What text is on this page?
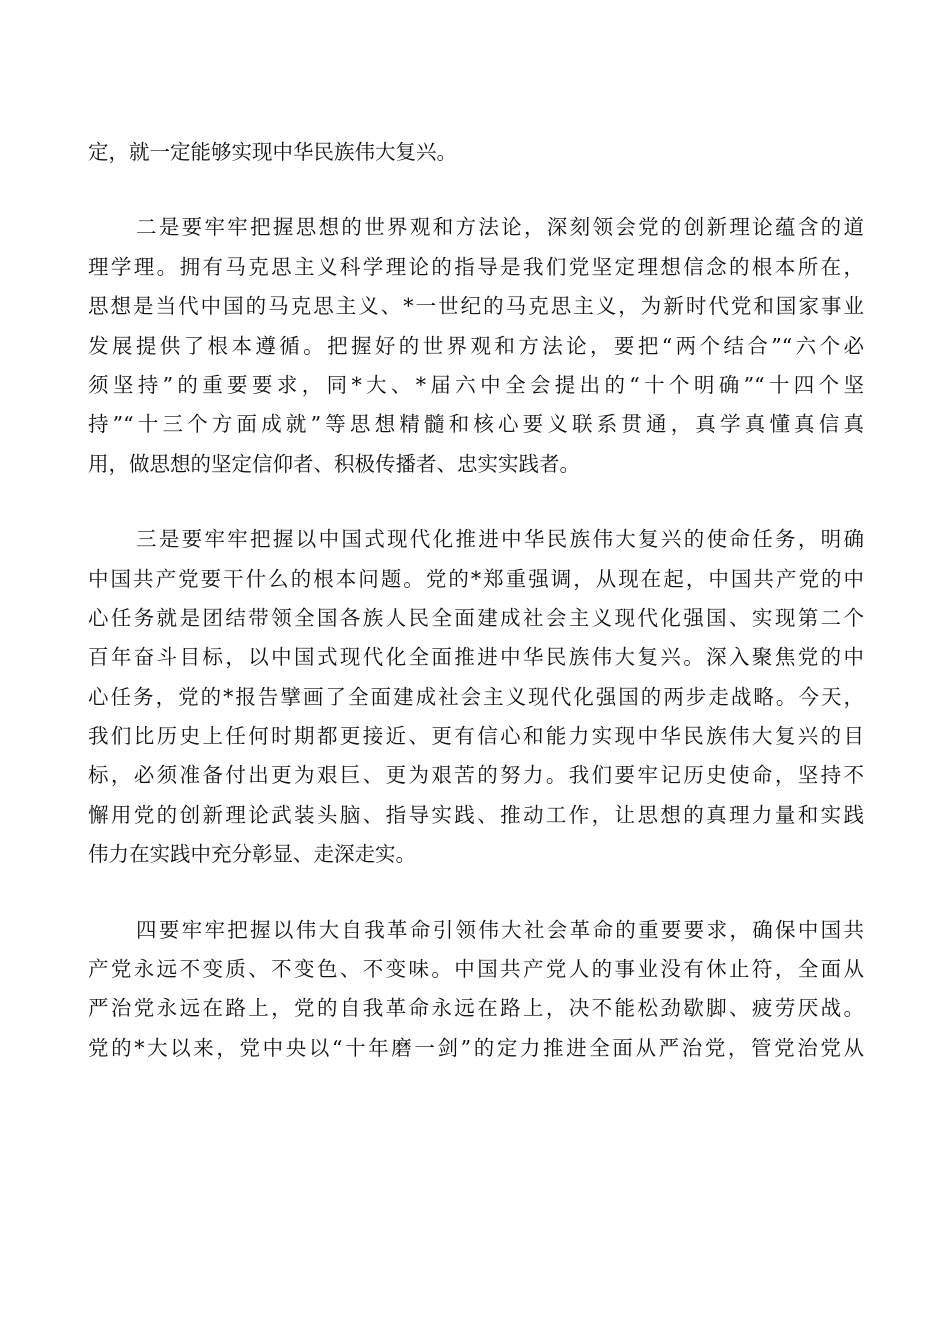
定，就一定能够实现中华民族伟大复兴。
二是要牢牢把握思想的世界观和方法论，深刻领会党的创新理论蕴含的道
理学理。拥有马克思主义科学理论的指导是我们党坚定理想信念的根本所在，
思想是当代中国的马克思主义、*一世纪的马克思主义，为新时代党和国家事业
发展提供了根本遵循。把握好的世界观和方法论，要把“两个结合”“六个必
须坚持”的重要要求，同*大、*届六中全会提出的“十个明确”“十四个坚
持”“十三个方面成就”等思想精髓和核心要义联系贯通，真学真懂真信真
用，做思想的坚定信仰者、积极传播者、忠实实践者。
三是要牢牢把握以中国式现代化推进中华民族伟大复兴的使命任务，明确
中国共产党要干什么的根本问题。党的*郑重强调，从现在起，中国共产党的中
心任务就是团结带领全国各族人民全面建成社会主义现代化强国、实现第二个
百年奋斗目标，以中国式现代化全面推进中华民族伟大复兴。深入聚焦党的中
心任务，党的*报告擘画了全面建成社会主义现代化强国的两步走战略。今天，
我们比历史上任何时期都更接近、更有信心和能力实现中华民族伟大复兴的目
标，必须准备付出更为艰巨、更为艰苦的努力。我们要牢记历史使命，坚持不
懈用党的创新理论武装头脑、指导实践、推动工作，让思想的真理力量和实践
伟力在实践中充分彰显、走深走实。
四要牢牢把握以伟大自我革命引领伟大社会革命的重要要求，确保中国共
产党永远不变质、不变色、不变味。中国共产党人的事业没有休止符，全面从
严治党永远在路上，党的自我革命永远在路上，决不能松劲歇脚、疲劳厌战。
党的*大以来，党中央以“十年磨一剑”的定力推进全面从严治党，管党治党从
